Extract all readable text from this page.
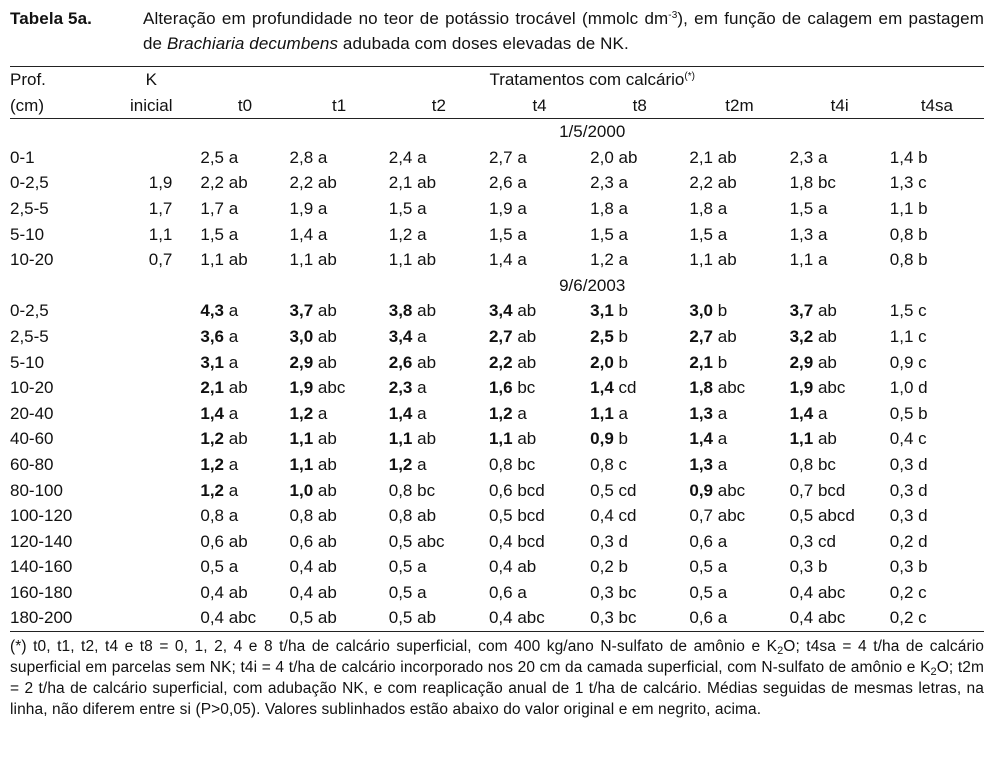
Tabela 5a.	Alteração em profundidade no teor de potássio trocável (mmolc $dm^{-3}$), em função de calagem em pastagem de Brachiaria decumbens adubada com doses elevadas de NK.
Prof.	K	Tratamentos com calcário(*)
(cm)	inicial	t0	t1	t2	t4	t8	t2m	t4i	t4sa
		1/5/2000							
0-1		2,5 a	2,8 a	2,4 a	2,7 a	2,0 ab	2,1 ab	2,3 a	1,4 b
0-2,5	1,9	2,2 ab	2,2 ab	2,1 ab	2,6 a	2,3 a	2,2 ab	1,8 bc	1,3 c
2,5-5	1,7	1,7 a	1,9 a	1,5 a	1,9 a	1,8 a	1,8 a	1,5 a	1,1 b
5-10	1,1	1,5 a	1,4 a	1,2 a	1,5 a	1,5 a	1,5 a	1,3 a	0,8 b
10-20	0,7	1,1 ab	1,1 ab	1,1 ab	1,4 a	1,2 a	1,1 ab	1,1 a	0,8 b
		9/6/2003							
0-2,5		4,3 a	3,7 ab	3,8 ab	3,4 ab	3,1 b	3,0 b	3,7 ab	1,5 c
2,5-5		3,6 a	3,0 ab	3,4 a	2,7 ab	2,5 b	2,7 ab	3,2 ab	1,1 c
5-10		3,1 a	2,9 ab	2,6 ab	2,2 ab	2,0 b	2,1 b	2,9 ab	0,9 c
10-20		2,1 ab	1,9 abc	2,3 a	1,6 bc	1,4 cd	1,8 abc	1,9 abc	1,0 d
20-40		1,4 a	1,2 a	1,4 a	1,2 a	1,1 a	1,3 a	1,4 a	0,5 b
40-60		1,2 ab	1,1 ab	1,1 ab	1,1 ab	0,9 b	1,4 a	1,1 ab	0,4 c
60-80		1,2 a	1,1 ab	1,2 a	0,8 bc	0,8 c	1,3 a	0,8 bc	0,3 d
80-100		1,2 a	1,0 ab	0,8 bc	0,6 bcd	0,5 cd	0,9 abc	0,7 bcd	0,3 d
100-120		0,8 a	0,8 ab	0,8 ab	0,5 bcd	0,4 cd	0,7 abc	0,5 abcd	0,3 d
120-140		0,6 ab	0,6 ab	0,5 abc	0,4 bcd	0,3 d	0,6 a	0,3 cd	0,2 d
140-160		0,5 a	0,4 ab	0,5 a	0,4 ab	0,2 b	0,5 a	0,3 b	0,3 b
160-180		0,4 ab	0,4 ab	0,5 a	0,6 a	0,3 bc	0,5 a	0,4 abc	0,2 c
180-200		0,4 abc	0,5 ab	0,5 ab	0,4 abc	0,3 bc	0,6 a	0,4 abc	0,2 c
(*) t0, t1, t2, t4 e t8 = 0, 1, 2, 4 e 8 t/ha de calcário superficial, com 400 kg/ano N-sulfato de amônio e $K_2O$; t4sa = 4 t/ha de calcário superficial em parcelas sem NK; t4i = 4 t/ha de calcário incorporado nos 20 cm da camada superficial, com N-sulfato de amônio e $K_2O$; t2m = 2 t/ha de calcário superficial, com adubação NK, e com reaplicação anual de 1 t/ha de calcário. Médias seguidas de mesmas letras, na linha, não diferem entre si (P>0,05). Valores sublinhados estão abaixo do valor original e em negrito, acima.
